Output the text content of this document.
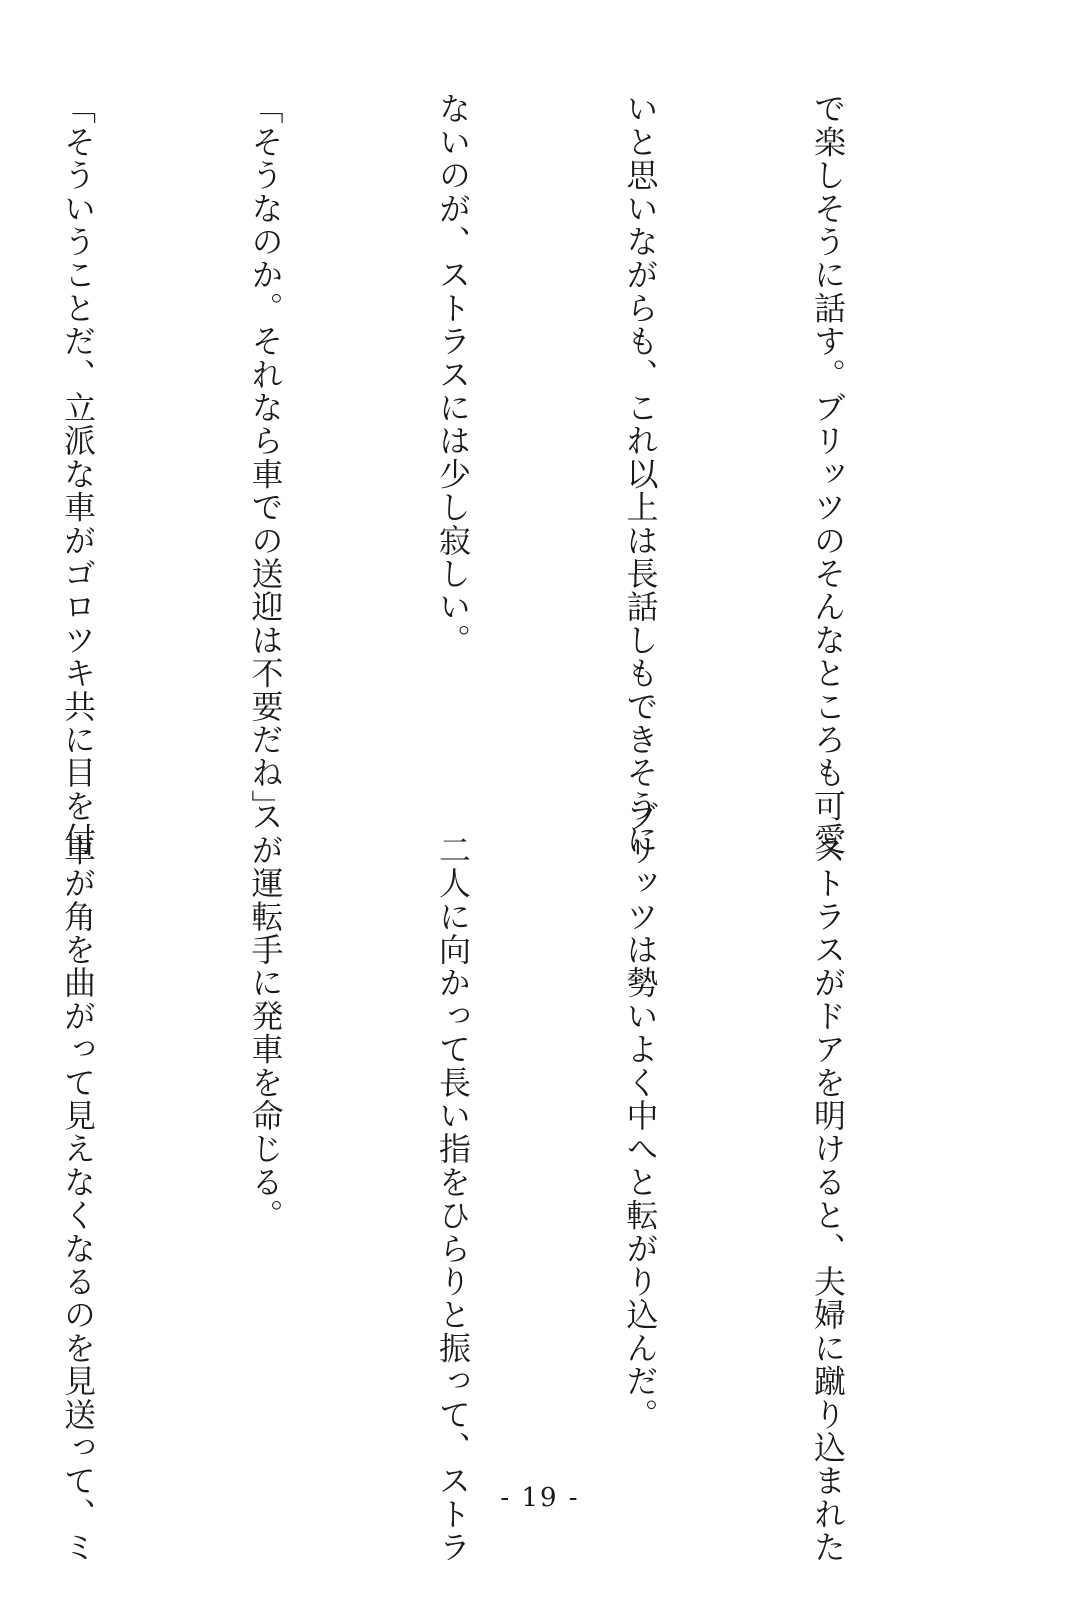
で楽しそうに話す。ブリッツのそんなところも可愛

いと思いながらも、これ以上は長話しもできそうに

ないのが、ストラスには少し寂しい。

「そうなのか。それなら車での送迎は不要だね」

「そういうことだ、立派な車がゴロツキ共に目を付

　ストラスがドアを明けると、夫婦に蹴り込まれた

ブリッツは勢いよく中へと転がり込んだ。

　二人に向かって長い指をひらりと振って、ストラ

スが運転手に発車を命じる。

　車が角を曲がって見えなくなるのを見送って、ミ

	- 19 -
